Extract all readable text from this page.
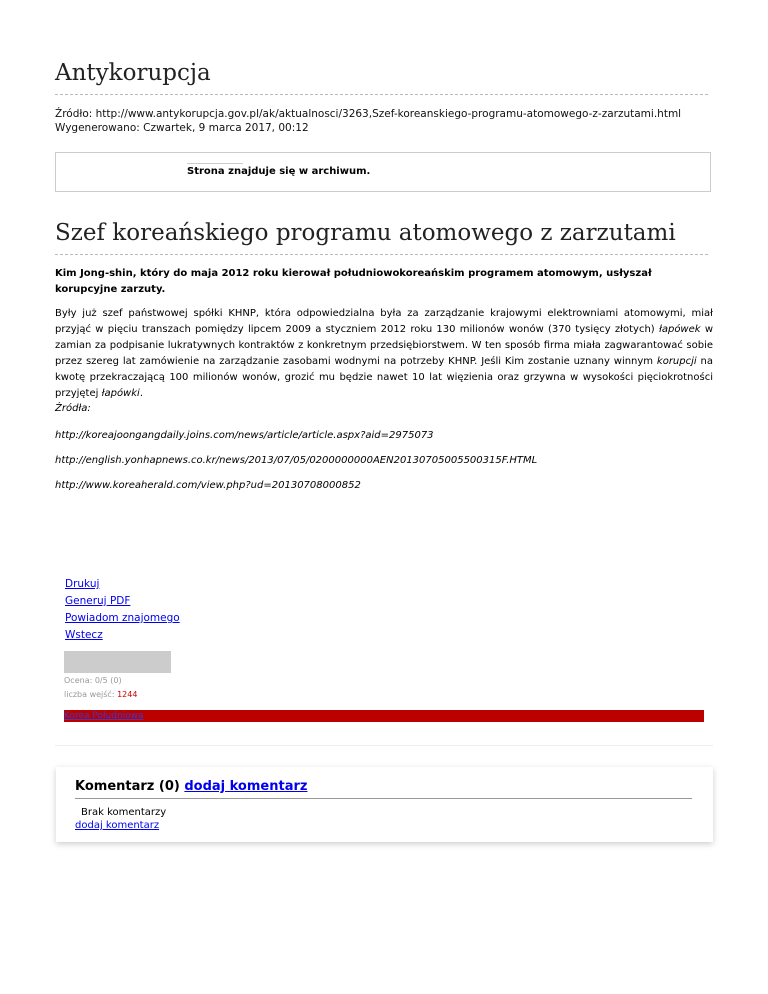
Antykorupcja
Źródło: http://www.antykorupcja.gov.pl/ak/aktualnosci/3263,Szef-koreanskiego-programu-atomowego-z-zarzutami.html
Wygenerowano: Czwartek, 9 marca 2017, 00:12
Strona znajduje się w archiwum.
Szef koreańskiego programu atomowego z zarzutami

Kim Jong-shin, który do maja 2012 roku kierował południowokoreańskim programem atomowym, usłyszał korupcyjne zarzuty.

Były już szef państwowej spółki KHNP, która odpowiedzialna była za zarządzanie krajowymi elektrowniami atomowymi, miał przyjąć w pięciu transzach pomiędzy lipcem 2009 a styczniem 2012 roku 130 milionów wonów (370 tysięcy złotych) łapówek w zamian za podpisanie lukratywnych kontraktów z konkretnym przedsiębiorstwem. W ten sposób firma miała zagwarantować sobie przez szereg lat zamówienie na zarządzanie zasobami wodnymi na potrzeby KHNP. Jeśli Kim zostanie uznany winnym korupcji na kwotę przekraczającą 100 milionów wonów, grozić mu będzie nawet 10 lat więzienia oraz grzywna w wysokości pięciokrotności przyjętej łapówki.

Źródła:
http://koreajoongangdaily.joins.com/news/article/article.aspx?aid=2975073
http://english.yonhapnews.co.kr/news/2013/07/05/0200000000AEN20130705005500315F.HTML
http://www.koreaherald.com/view.php?ud=20130708000852
Drukuj
Generuj PDF
Powiadom znajomego
Wstecz
Ocena: 0/5 (0)
liczba wejść: 1244
Korea Południowa
Komentarz (0) dodaj komentarz
Brak komentarzy
dodaj komentarz
